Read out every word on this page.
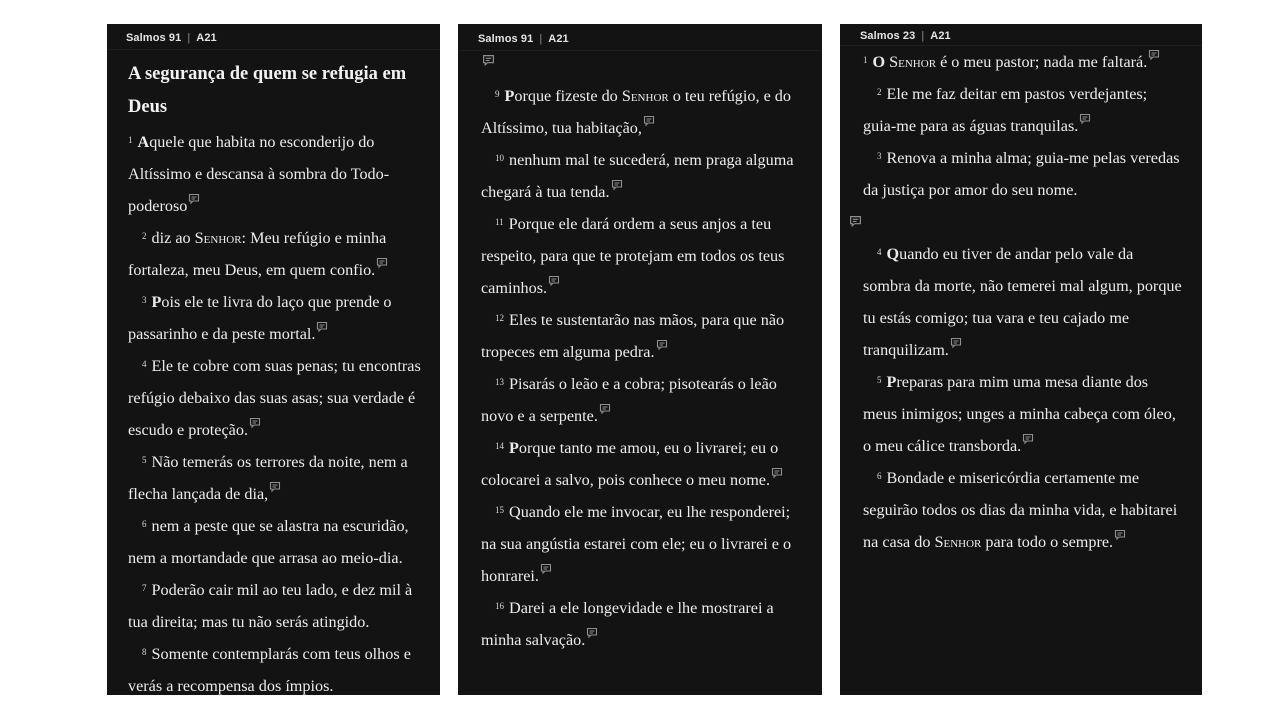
Salmos 91 | A21
A segurança de quem se refugia em Deus

$^1$ Aquele que habita no esconderijo do Altíssimo e descansa à sombra do Todo-poderoso

$^2$ diz ao Senhor: Meu refúgio e minha fortaleza, meu Deus, em quem confio.

$^3$ Pois ele te livra do laço que prende o passarinho e da peste mortal.

$^4$ Ele te cobre com suas penas; tu encontras refúgio debaixo das suas asas; sua verdade é escudo e proteção.

$^5$ Não temerás os terrores da noite, nem a flecha lançada de dia,

$^6$ nem a peste que se alastra na escuridão, nem a mortandade que arrasa ao meio-dia.

$^7$ Poderão cair mil ao teu lado, e dez mil à tua direita; mas tu não serás atingido.

$^8$ Somente contemplarás com teus olhos e verás a recompensa dos ímpios.

Salmos 91 | A21

$^9$ Porque fizeste do Senhor o teu refúgio, e do Altíssimo, tua habitação,

$^{10}$ nenhum mal te sucederá, nem praga alguma chegará à tua tenda.

$^{11}$ Porque ele dará ordem a seus anjos a teu respeito, para que te protejam em todos os teus caminhos.

$^{12}$ Eles te sustentarão nas mãos, para que não tropeces em alguma pedra.

$^{13}$ Pisarás o leão e a cobra; pisotearás o leão novo e a serpente.

$^{14}$ Porque tanto me amou, eu o livrarei; eu o colocarei a salvo, pois conhece o meu nome.

$^{15}$ Quando ele me invocar, eu lhe responderei; na sua angústia estarei com ele; eu o livrarei e o honrarei.

$^{16}$ Darei a ele longevidade e lhe mostrarei a minha salvação.

Salmos 23 | A21

$^1$ O Senhor é o meu pastor; nada me faltará.

$^2$ Ele me faz deitar em pastos verdejantes; guia-me para as águas tranquilas.

$^3$ Renova a minha alma; guia-me pelas veredas da justiça por amor do seu nome.

$^4$ Quando eu tiver de andar pelo vale da sombra da morte, não temerei mal algum, porque tu estás comigo; tua vara e teu cajado me tranquilizam.

$^5$ Preparas para mim uma mesa diante dos meus inimigos; unges a minha cabeça com óleo, o meu cálice transborda.

$^6$ Bondade e misericórdia certamente me seguirão todos os dias da minha vida, e habitarei na casa do Senhor para todo o sempre.
